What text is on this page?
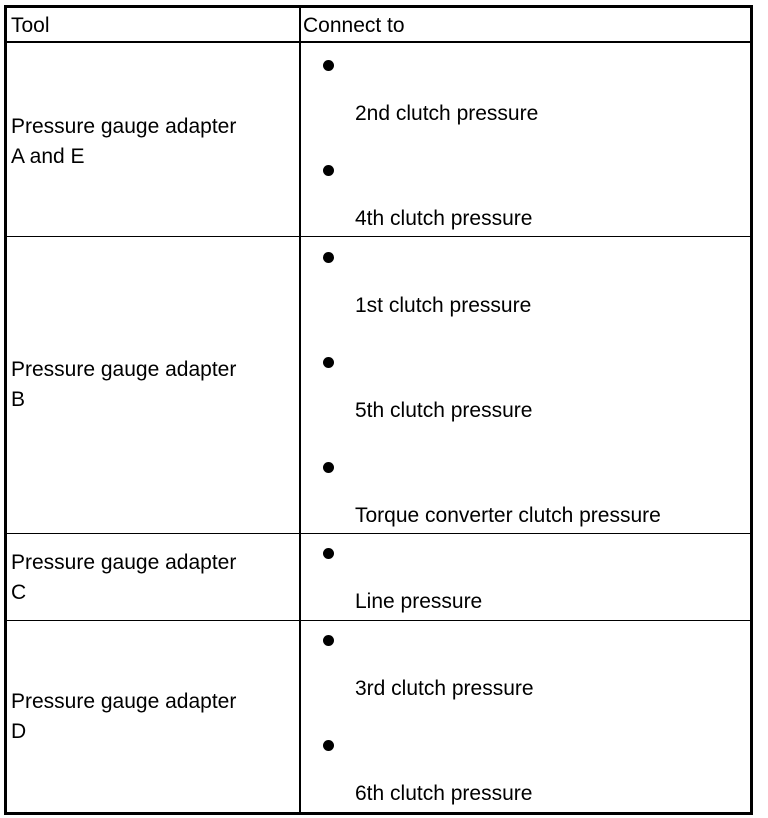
Tool	Connect to
Pressure gauge adapter
A and E
2nd clutch pressure
4th clutch pressure
Pressure gauge adapter
B
1st clutch pressure
5th clutch pressure
Torque converter clutch pressure
Pressure gauge adapter
C	Line pressure
Pressure gauge adapter
D
3rd clutch pressure
6th clutch pressure
